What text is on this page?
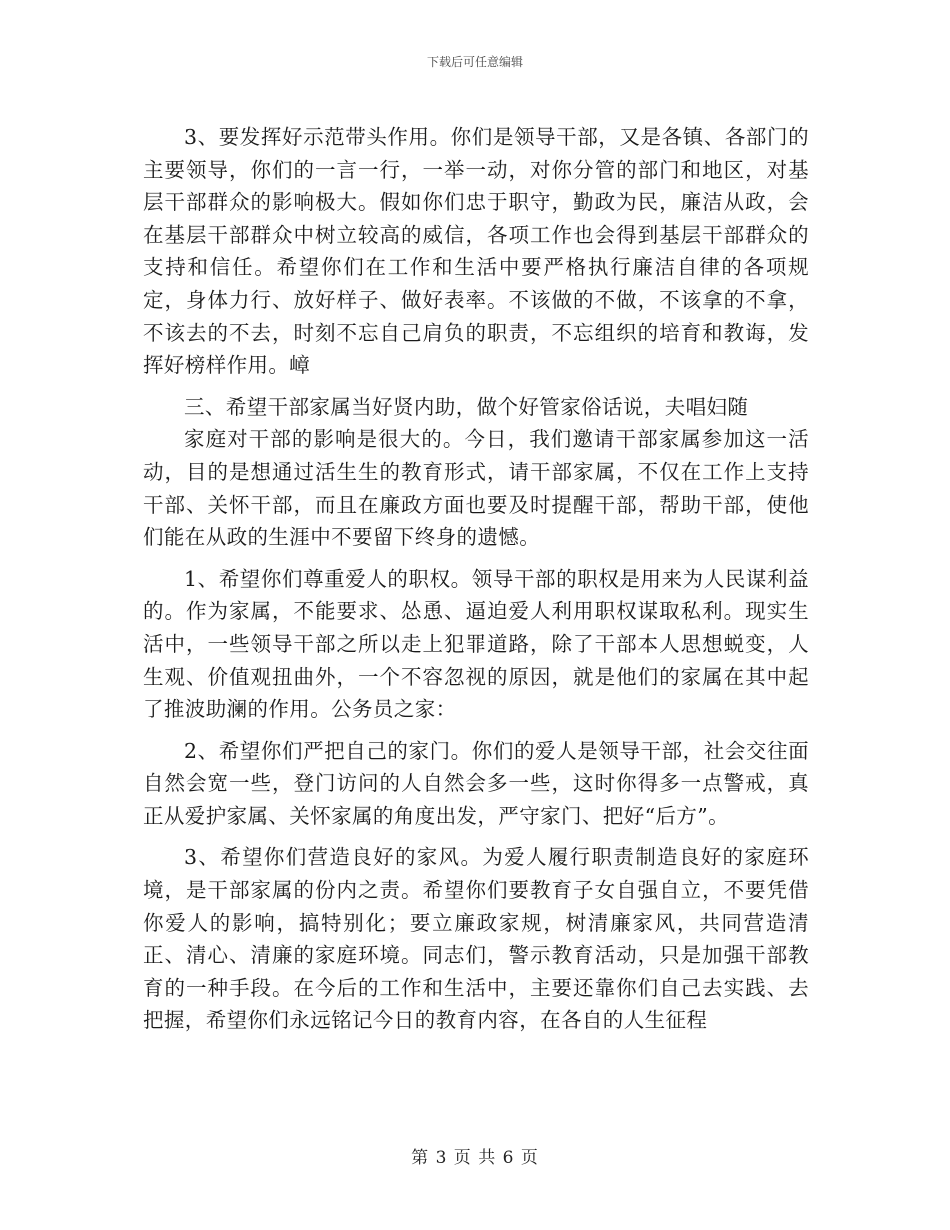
下载后可任意编辑

3、要发挥好示范带头作用。你们是领导干部，又是各镇、各部门的主要领导，你们的一言一行，一举一动，对你分管的部门和地区，对基层干部群众的影响极大。假如你们忠于职守，勤政为民，廉洁从政，会在基层干部群众中树立较高的威信，各项工作也会得到基层干部群众的支持和信任。希望你们在工作和生活中要严格执行廉洁自律的各项规定，身体力行、放好样子、做好表率。不该做的不做，不该拿的不拿，不该去的不去，时刻不忘自己肩负的职责，不忘组织的培育和教诲，发挥好榜样作用。嶂

三、希望干部家属当好贤内助，做个好管家俗话说，夫唱妇随

家庭对干部的影响是很大的。今日，我们邀请干部家属参加这一活动，目的是想通过活生生的教育形式，请干部家属，不仅在工作上支持干部、关怀干部，而且在廉政方面也要及时提醒干部，帮助干部，使他们能在从政的生涯中不要留下终身的遗憾。

1、希望你们尊重爱人的职权。领导干部的职权是用来为人民谋利益的。作为家属，不能要求、怂恿、逼迫爱人利用职权谋取私利。现实生活中，一些领导干部之所以走上犯罪道路，除了干部本人思想蜕变，人生观、价值观扭曲外，一个不容忽视的原因，就是他们的家属在其中起了推波助澜的作用。公务员之家：

2、希望你们严把自己的家门。你们的爱人是领导干部，社会交往面自然会宽一些，登门访问的人自然会多一些，这时你得多一点警戒，真正从爱护家属、关怀家属的角度出发，严守家门、把好“后方”。

3、希望你们营造良好的家风。为爱人履行职责制造良好的家庭环境，是干部家属的份内之责。希望你们要教育子女自强自立，不要凭借你爱人的影响，搞特别化；要立廉政家规，树清廉家风，共同营造清正、清心、清廉的家庭环境。同志们，警示教育活动，只是加强干部教育的一种手段。在今后的工作和生活中，主要还靠你们自己去实践、去把握，希望你们永远铭记今日的教育内容，在各自的人生征程

第 3 页 共 6 页
